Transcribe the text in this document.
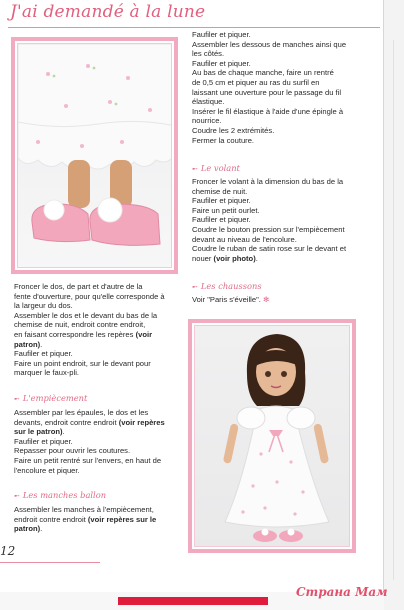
J'ai demandé à la lune

Faufiler et piquer.

Assembler les dessous de manches ainsi que

les côtés.

Faufiler et piquer.

Au bas de chaque manche, faire un rentré

de 0,5 cm et piquer au ras du surfil en

laissant une ouverture pour le passage du fil

élastique.

Insérer le fil élastique à l'aide d'une épingle à

nourrice.

Coudre les 2 extrémités.

Fermer la couture.

➸ Le volant

Froncer le volant à la dimension du bas de la

chemise de nuit.

Faufiler et piquer.

Faire un petit ourlet.

Faufiler et piquer.

Coudre le bouton pression sur l'empiècement

devant au niveau de l'encolure.

Coudre le ruban de satin rose sur le devant et

nouer (voir photo).

➸ Les chaussons

Voir "Paris s'éveille". ✻

Froncer le dos, de part et d'autre de la

fente d'ouverture, pour qu'elle corresponde à

la largeur du dos.

Assembler le dos et le devant du bas de la

chemise de nuit, endroit contre endroit,

en faisant correspondre les repères (voir

patron).

Faufiler et piquer.

Faire un point endroit, sur le devant pour

marquer le faux-pli.

➸ L'empiècement

Assembler par les épaules, le dos et les

devants, endroit contre endroit (voir repères

sur le patron).

Faufiler et piquer.

Repasser pour ouvrir les coutures.

Faire un petit rentré sur l'envers, en haut de

l'encolure et piquer.

➸ Les manches ballon

Assembler les manches à l'empiècement,

endroit contre endroit (voir repères sur le

patron).

12
Страна Мам
